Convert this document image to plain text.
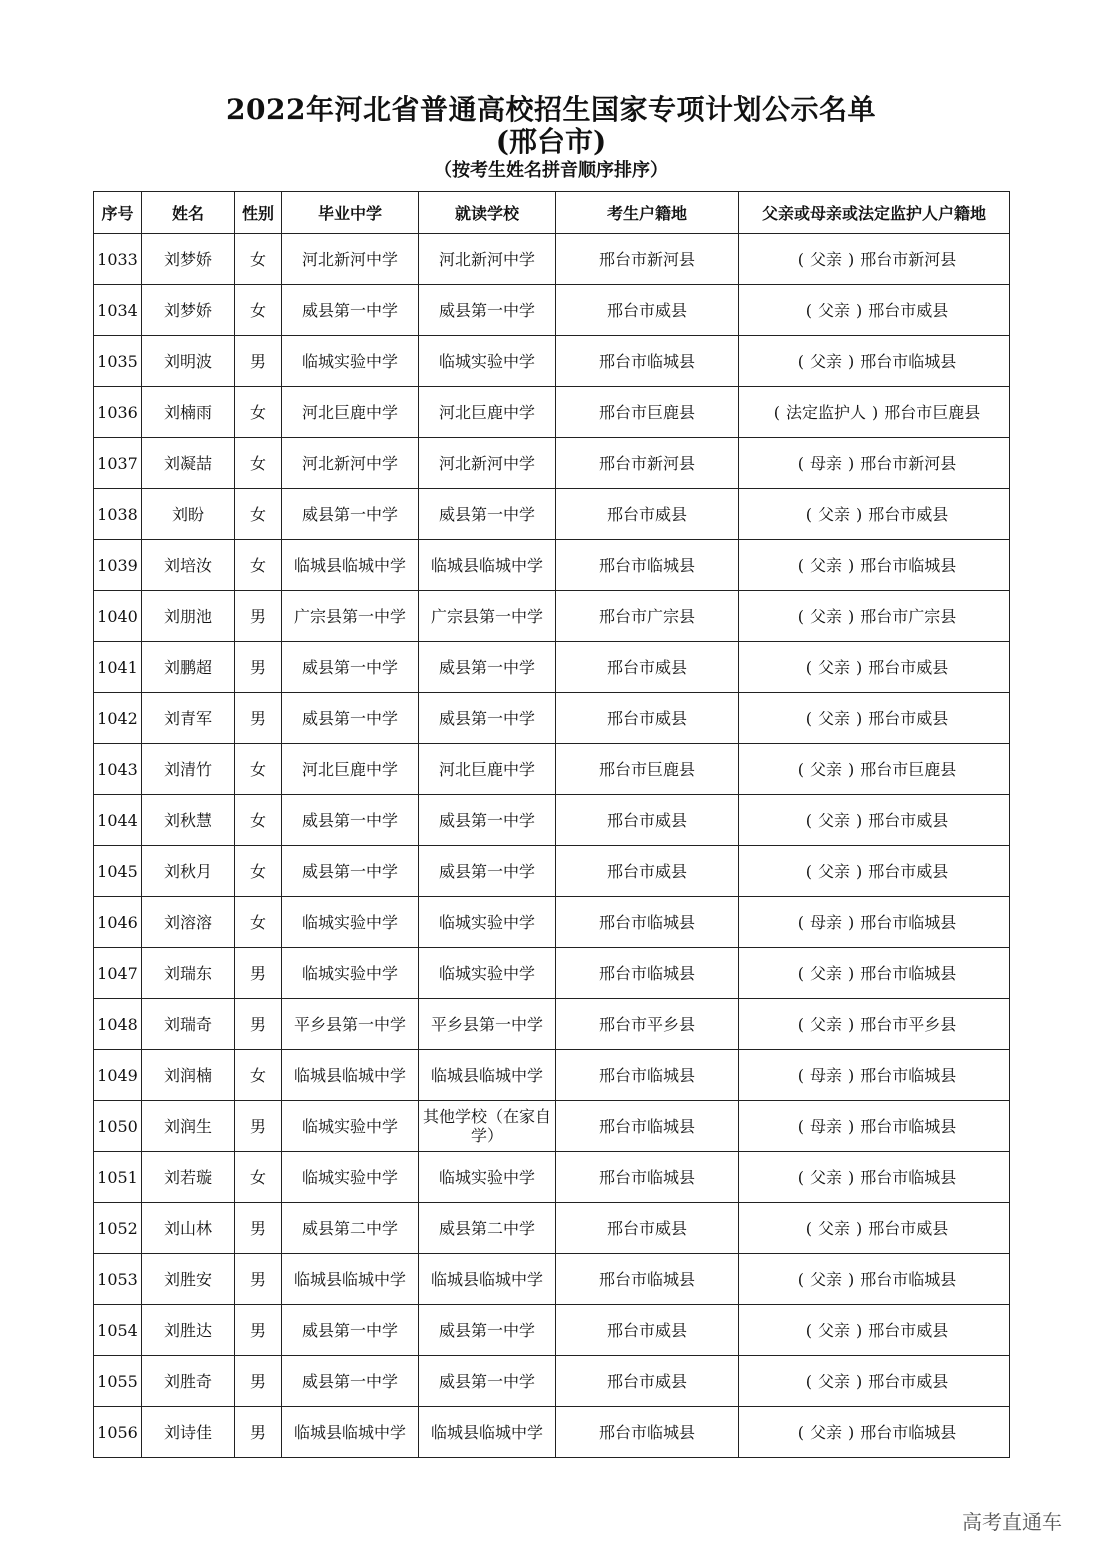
2022年河北省普通高校招生国家专项计划公示名单
(邢台市)
（按考生姓名拼音顺序排序）
序号	姓名	性别	毕业中学	就读学校	考生户籍地	父亲或母亲或法定监护人户籍地
1033	刘梦娇	女	河北新河中学	河北新河中学	邢台市新河县	( 父亲 ) 邢台市新河县
1034	刘梦娇	女	威县第一中学	威县第一中学	邢台市威县	( 父亲 ) 邢台市威县
1035	刘明波	男	临城实验中学	临城实验中学	邢台市临城县	( 父亲 ) 邢台市临城县
1036	刘楠雨	女	河北巨鹿中学	河北巨鹿中学	邢台市巨鹿县	( 法定监护人 ) 邢台市巨鹿县
1037	刘凝喆	女	河北新河中学	河北新河中学	邢台市新河县	( 母亲 ) 邢台市新河县
1038	刘盼	女	威县第一中学	威县第一中学	邢台市威县	( 父亲 ) 邢台市威县
1039	刘培汝	女	临城县临城中学	临城县临城中学	邢台市临城县	( 父亲 ) 邢台市临城县
1040	刘朋池	男	广宗县第一中学	广宗县第一中学	邢台市广宗县	( 父亲 ) 邢台市广宗县
1041	刘鹏超	男	威县第一中学	威县第一中学	邢台市威县	( 父亲 ) 邢台市威县
1042	刘青军	男	威县第一中学	威县第一中学	邢台市威县	( 父亲 ) 邢台市威县
1043	刘清竹	女	河北巨鹿中学	河北巨鹿中学	邢台市巨鹿县	( 父亲 ) 邢台市巨鹿县
1044	刘秋慧	女	威县第一中学	威县第一中学	邢台市威县	( 父亲 ) 邢台市威县
1045	刘秋月	女	威县第一中学	威县第一中学	邢台市威县	( 父亲 ) 邢台市威县
1046	刘溶溶	女	临城实验中学	临城实验中学	邢台市临城县	( 母亲 ) 邢台市临城县
1047	刘瑞东	男	临城实验中学	临城实验中学	邢台市临城县	( 父亲 ) 邢台市临城县
1048	刘瑞奇	男	平乡县第一中学	平乡县第一中学	邢台市平乡县	( 父亲 ) 邢台市平乡县
1049	刘润楠	女	临城县临城中学	临城县临城中学	邢台市临城县	( 母亲 ) 邢台市临城县
1050	刘润生	男	临城实验中学	其他学校（在家自学）	邢台市临城县	( 母亲 ) 邢台市临城县
1051	刘若璇	女	临城实验中学	临城实验中学	邢台市临城县	( 父亲 ) 邢台市临城县
1052	刘山林	男	威县第二中学	威县第二中学	邢台市威县	( 父亲 ) 邢台市威县
1053	刘胜安	男	临城县临城中学	临城县临城中学	邢台市临城县	( 父亲 ) 邢台市临城县
1054	刘胜达	男	威县第一中学	威县第一中学	邢台市威县	( 父亲 ) 邢台市威县
1055	刘胜奇	男	威县第一中学	威县第一中学	邢台市威县	( 父亲 ) 邢台市威县
1056	刘诗佳	男	临城县临城中学	临城县临城中学	邢台市临城县	( 父亲 ) 邢台市临城县
高考直通车
